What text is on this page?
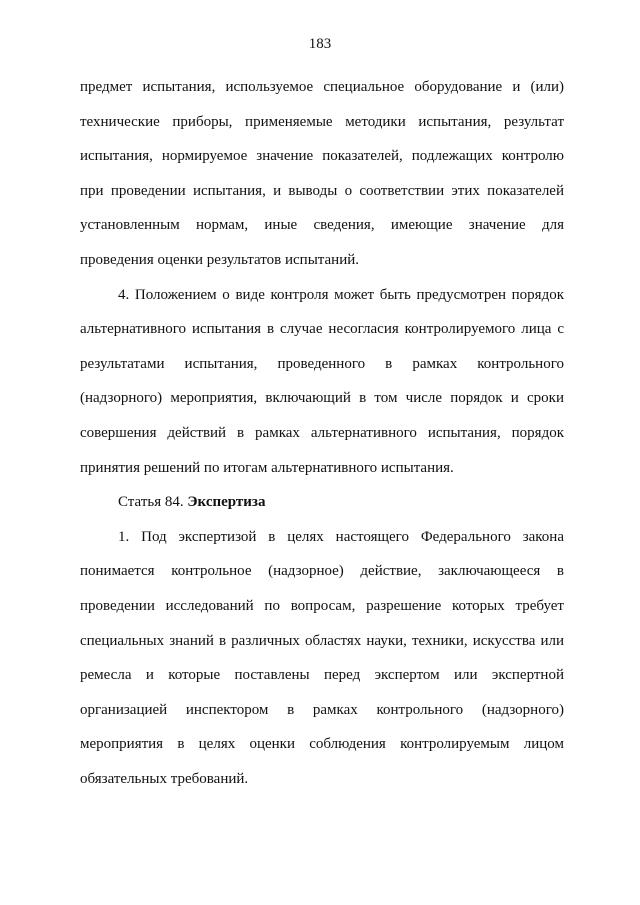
183

предмет испытания, используемое специальное оборудование и (или) технические приборы, применяемые методики испытания, результат испытания, нормируемое значение показателей, подлежащих контролю при проведении испытания, и выводы о соответствии этих показателей установленным нормам, иные сведения, имеющие значение для проведения оценки результатов испытаний.

4. Положением о виде контроля может быть предусмотрен порядок альтернативного испытания в случае несогласия контролируемого лица с результатами испытания, проведенного в рамках контрольного (надзорного) мероприятия, включающий в том числе порядок и сроки совершения действий в рамках альтернативного испытания, порядок принятия решений по итогам альтернативного испытания.

Статья 84. Экспертиза

1. Под экспертизой в целях настоящего Федерального закона понимается контрольное (надзорное) действие, заключающееся в проведении исследований по вопросам, разрешение которых требует специальных знаний в различных областях науки, техники, искусства или ремесла и которые поставлены перед экспертом или экспертной организацией инспектором в рамках контрольного (надзорного) мероприятия в целях оценки соблюдения контролируемым лицом обязательных требований.
